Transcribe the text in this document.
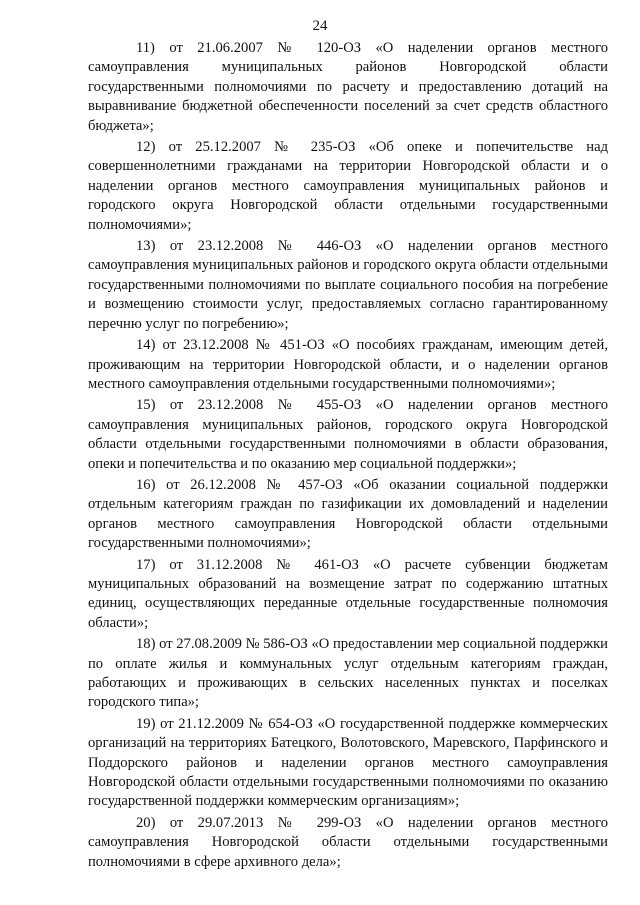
24

11) от 21.06.2007 № 120-ОЗ «О наделении органов местного самоуправления муниципальных районов Новгородской области государственными полномочиями по расчету и предоставлению дотаций на выравнивание бюджетной обеспеченности поселений за счет средств областного бюджета»;

12) от 25.12.2007 № 235-ОЗ «Об опеке и попечительстве над совершеннолетними гражданами на территории Новгородской области и о наделении органов местного самоуправления муниципальных районов и городского округа Новгородской области отдельными государственными полномочиями»;

13) от 23.12.2008 № 446-ОЗ «О наделении органов местного самоуправления муниципальных районов и городского округа области отдельными государственными полномочиями по выплате социального пособия на погребение и возмещению стоимости услуг, предоставляемых согласно гарантированному перечню услуг по погребению»;

14) от 23.12.2008 № 451-ОЗ «О пособиях гражданам, имеющим детей, проживающим на территории Новгородской области, и о наделении органов местного самоуправления отдельными государственными полномочиями»;

15) от 23.12.2008 № 455-ОЗ «О наделении органов местного самоуправления муниципальных районов, городского округа Новгородской области отдельными государственными полномочиями в области образования, опеки и попечительства и по оказанию мер социальной поддержки»;

16) от 26.12.2008 № 457-ОЗ «Об оказании социальной поддержки отдельным категориям граждан по газификации их домовладений и наделении органов местного самоуправления Новгородской области отдельными государственными полномочиями»;

17) от 31.12.2008 № 461-ОЗ «О расчете субвенции бюджетам муниципальных образований на возмещение затрат по содержанию штатных единиц, осуществляющих переданные отдельные государственные полномочия области»;

18) от 27.08.2009 № 586-ОЗ «О предоставлении мер социальной поддержки по оплате жилья и коммунальных услуг отдельным категориям граждан, работающих и проживающих в сельских населенных пунктах и поселках городского типа»;

19) от 21.12.2009 № 654-ОЗ «О государственной поддержке коммерческих организаций на территориях Батецкого, Волотовского, Маревского, Парфинского и Поддорского районов и наделении органов местного самоуправления Новгородской области отдельными государственными полномочиями по оказанию государственной поддержки коммерческим организациям»;

20) от 29.07.2013 № 299-ОЗ «О наделении органов местного самоуправления Новгородской области отдельными государственными полномочиями в сфере архивного дела»;
